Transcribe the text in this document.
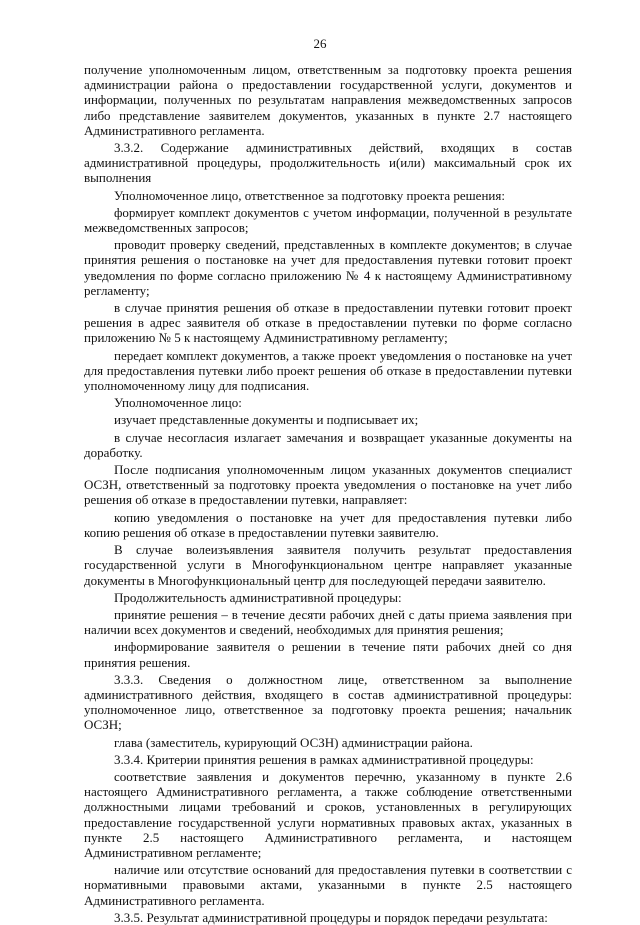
26

получение уполномоченным лицом, ответственным за подготовку проекта решения администрации района о предоставлении государственной услуги, документов и информации, полученных по результатам направления межведомственных запросов либо представление заявителем документов, указанных в пункте 2.7 настоящего Административного регламента.

3.3.2. Содержание административных действий, входящих в состав административной процедуры, продолжительность и(или) максимальный срок их выполнения

Уполномоченное лицо, ответственное за подготовку проекта решения:

формирует комплект документов с учетом информации, полученной в результате межведомственных запросов;

проводит проверку сведений, представленных в комплекте документов; в случае принятия решения о постановке на учет для предоставления путевки готовит проект уведомления по форме согласно приложению № 4 к настоящему Административному регламенту;

в случае принятия решения об отказе в предоставлении путевки готовит проект решения в адрес заявителя об отказе в предоставлении путевки по форме согласно приложению № 5 к настоящему Административному регламенту;

передает комплект документов, а также проект уведомления о постановке на учет для предоставления путевки либо проект решения об отказе в предоставлении путевки уполномоченному лицу для подписания.

Уполномоченное лицо:

изучает представленные документы и подписывает их;

в случае несогласия излагает замечания и возвращает указанные документы на доработку.

После подписания уполномоченным лицом указанных документов специалист ОСЗН, ответственный за подготовку проекта уведомления о постановке на учет либо решения об отказе в предоставлении путевки, направляет:

копию уведомления о постановке на учет для предоставления путевки либо копию решения об отказе в предоставлении путевки заявителю.

В случае волеизъявления заявителя получить результат предоставления государственной услуги в Многофункциональном центре направляет указанные документы в Многофункциональный центр для последующей передачи заявителю.

Продолжительность административной процедуры:

принятие решения – в течение десяти рабочих дней с даты приема заявления при наличии всех документов и сведений, необходимых для принятия решения;

информирование заявителя о решении в течение пяти рабочих дней со дня принятия решения.

3.3.3. Сведения о должностном лице, ответственном за выполнение административного действия, входящего в состав административной процедуры: уполномоченное лицо, ответственное за подготовку проекта решения; начальник ОСЗН;

глава (заместитель, курирующий ОСЗН) администрации района.

3.3.4. Критерии принятия решения в рамках административной процедуры:

соответствие заявления и документов перечню, указанному в пункте 2.6 настоящего Административного регламента, а также соблюдение ответственными должностными лицами требований и сроков, установленных в регулирующих предоставление государственной услуги нормативных правовых актах, указанных в пункте 2.5 настоящего Административного регламента, и настоящем Административном регламенте;

наличие или отсутствие оснований для предоставления путевки в соответствии с нормативными правовыми актами, указанными в пункте 2.5 настоящего Административного регламента.

3.3.5. Результат административной процедуры и порядок передачи результата:
